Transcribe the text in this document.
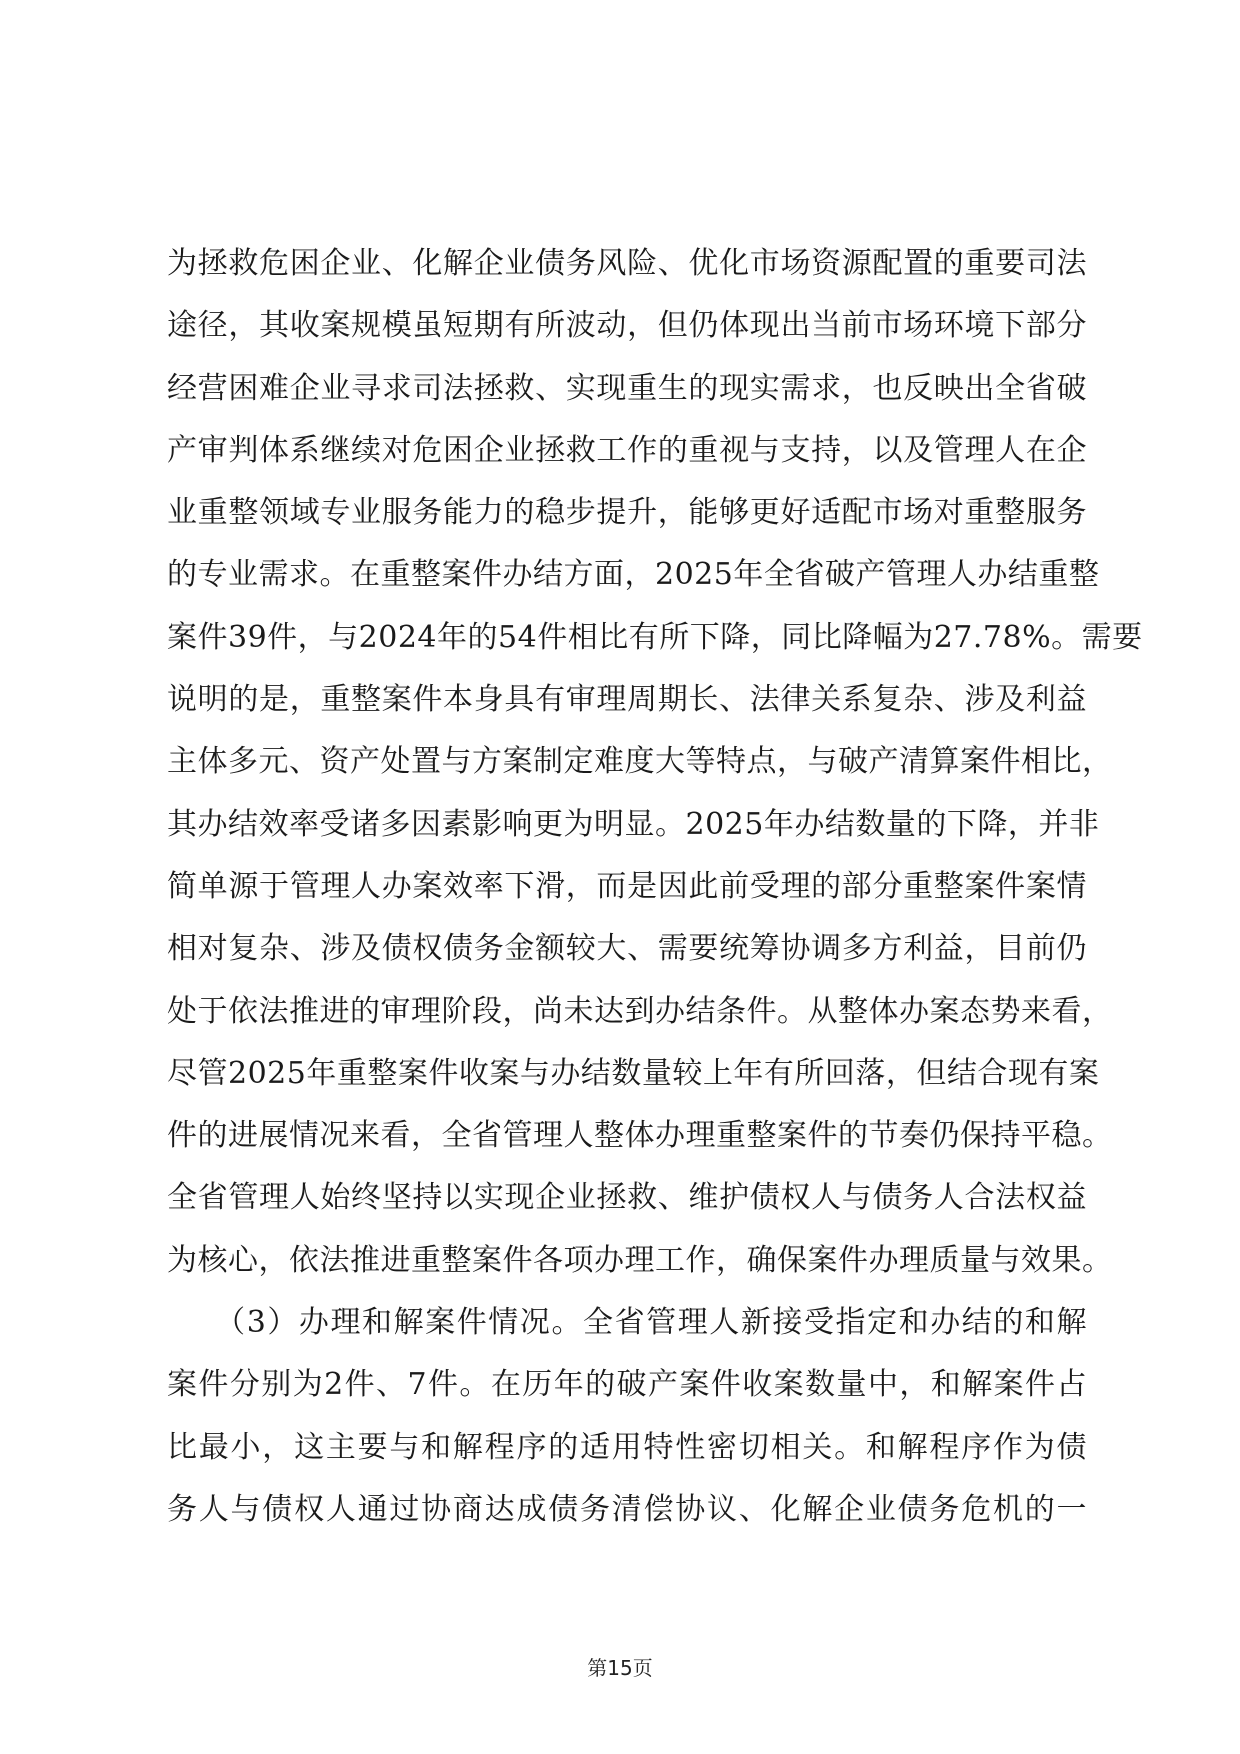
为拯救危困企业、化解企业债务风险、优化市场资源配置的重要司法
途径，其收案规模虽短期有所波动，但仍体现出当前市场环境下部分
经营困难企业寻求司法拯救、实现重生的现实需求，也反映出全省破
产审判体系继续对危困企业拯救工作的重视与支持，以及管理人在企
业重整领域专业服务能力的稳步提升，能够更好适配市场对重整服务
的专业需求。在重整案件办结方面，2025年全省破产管理人办结重整
案件39件，与2024年的54件相比有所下降，同比降幅为27.78%。需要
说明的是，重整案件本身具有审理周期长、法律关系复杂、涉及利益
主体多元、资产处置与方案制定难度大等特点，与破产清算案件相比，
其办结效率受诸多因素影响更为明显。2025年办结数量的下降，并非
简单源于管理人办案效率下滑，而是因此前受理的部分重整案件案情
相对复杂、涉及债权债务金额较大、需要统筹协调多方利益，目前仍
处于依法推进的审理阶段，尚未达到办结条件。从整体办案态势来看，
尽管2025年重整案件收案与办结数量较上年有所回落，但结合现有案
件的进展情况来看，全省管理人整体办理重整案件的节奏仍保持平稳。
全省管理人始终坚持以实现企业拯救、维护债权人与债务人合法权益
为核心，依法推进重整案件各项办理工作，确保案件办理质量与效果。
　　（3）办理和解案件情况。全省管理人新接受指定和办结的和解
案件分别为2件、7件。在历年的破产案件收案数量中，和解案件占
比最小，这主要与和解程序的适用特性密切相关。和解程序作为债
务人与债权人通过协商达成债务清偿协议、化解企业债务危机的一
第15页
